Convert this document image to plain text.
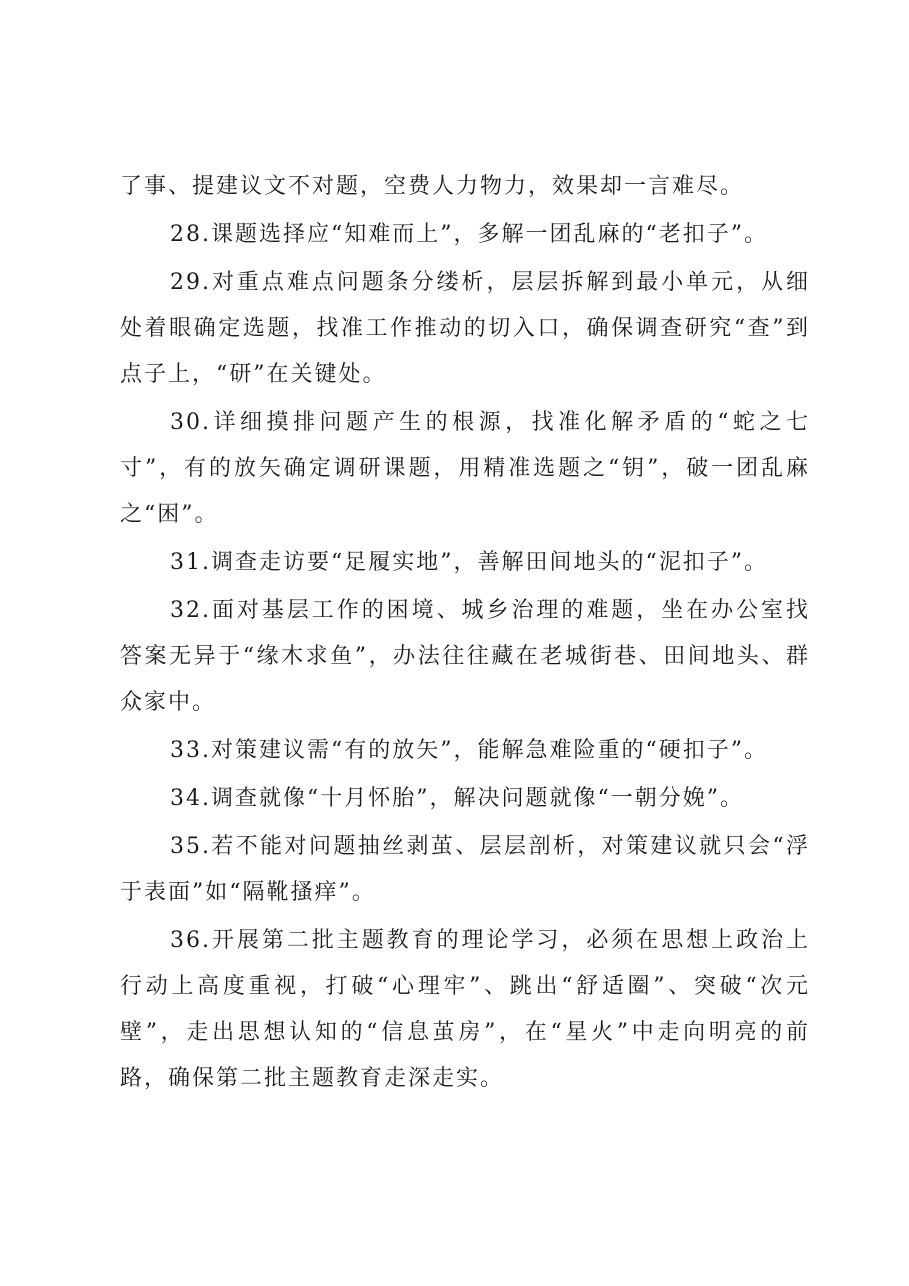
了事、提建议文不对题，空费人力物力，效果却一言难尽。

28.课题选择应“知难而上”，多解一团乱麻的“老扣子”。

29.对重点难点问题条分缕析，层层拆解到最小单元，从细处着眼确定选题，找准工作推动的切入口，确保调查研究“查”到点子上，“研”在关键处。

30.详细摸排问题产生的根源，找准化解矛盾的“蛇之七寸”，有的放矢确定调研课题，用精准选题之“钥”，破一团乱麻之“困”。

31.调查走访要“足履实地”，善解田间地头的“泥扣子”。

32.面对基层工作的困境、城乡治理的难题，坐在办公室找答案无异于“缘木求鱼”，办法往往藏在老城街巷、田间地头、群众家中。

33.对策建议需“有的放矢”，能解急难险重的“硬扣子”。

34.调查就像“十月怀胎”，解决问题就像“一朝分娩”。

35.若不能对问题抽丝剥茧、层层剖析，对策建议就只会“浮于表面”如“隔靴搔痒”。

36.开展第二批主题教育的理论学习，必须在思想上政治上行动上高度重视，打破“心理牢”、跳出“舒适圈”、突破“次元壁”，走出思想认知的“信息茧房”，在“星火”中走向明亮的前路，确保第二批主题教育走深走实。
